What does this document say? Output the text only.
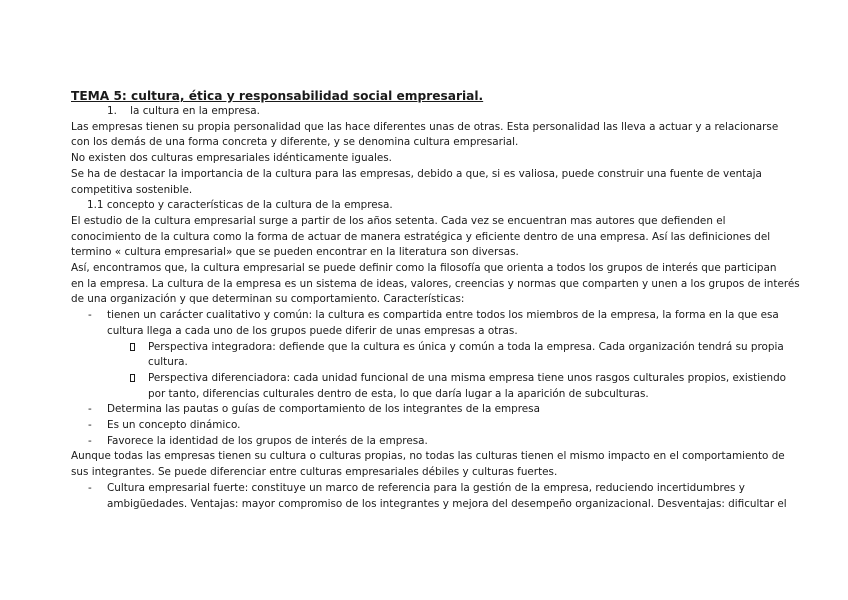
TEMA 5: cultura, ética y responsabilidad social empresarial.
1. la cultura en la empresa.
Las empresas tienen su propia personalidad que las hace diferentes unas de otras. Esta personalidad las lleva a actuar y a relacionarse
con los demás de una forma concreta y diferente, y se denomina cultura empresarial.
No existen dos culturas empresariales idénticamente iguales.
Se ha de destacar la importancia de la cultura para las empresas, debido a que, si es valiosa, puede construir una fuente de ventaja
competitiva sostenible.
1.1 concepto y características de la cultura de la empresa.
El estudio de la cultura empresarial surge a partir de los años setenta. Cada vez se encuentran mas autores que defienden el
conocimiento de la cultura como la forma de actuar de manera estratégica y eficiente dentro de una empresa. Así las definiciones del
termino « cultura empresarial» que se pueden encontrar en la literatura son diversas.
Así, encontramos que, la cultura empresarial se puede definir como la filosofía que orienta a todos los grupos de interés que participan
en la empresa. La cultura de la empresa es un sistema de ideas, valores, creencias y normas que comparten y unen a los grupos de interés
de una organización y que determinan su comportamiento. Características:
- tienen un carácter cualitativo y común: la cultura es compartida entre todos los miembros de la empresa, la forma en la que esa
cultura llega a cada uno de los grupos puede diferir de unas empresas a otras.
Perspectiva integradora: defiende que la cultura es única y común a toda la empresa. Cada organización tendrá su propia
cultura.
Perspectiva diferenciadora: cada unidad funcional de una misma empresa tiene unos rasgos culturales propios, existiendo
por tanto, diferencias culturales dentro de esta, lo que daría lugar a la aparición de subculturas.
- Determina las pautas o guías de comportamiento de los integrantes de la empresa
- Es un concepto dinámico.
- Favorece la identidad de los grupos de interés de la empresa.
Aunque todas las empresas tienen su cultura o culturas propias, no todas las culturas tienen el mismo impacto en el comportamiento de
sus integrantes. Se puede diferenciar entre culturas empresariales débiles y culturas fuertes.
- Cultura empresarial fuerte: constituye un marco de referencia para la gestión de la empresa, reduciendo incertidumbres y
ambigüedades. Ventajas: mayor compromiso de los integrantes y mejora del desempeño organizacional. Desventajas: dificultar el
